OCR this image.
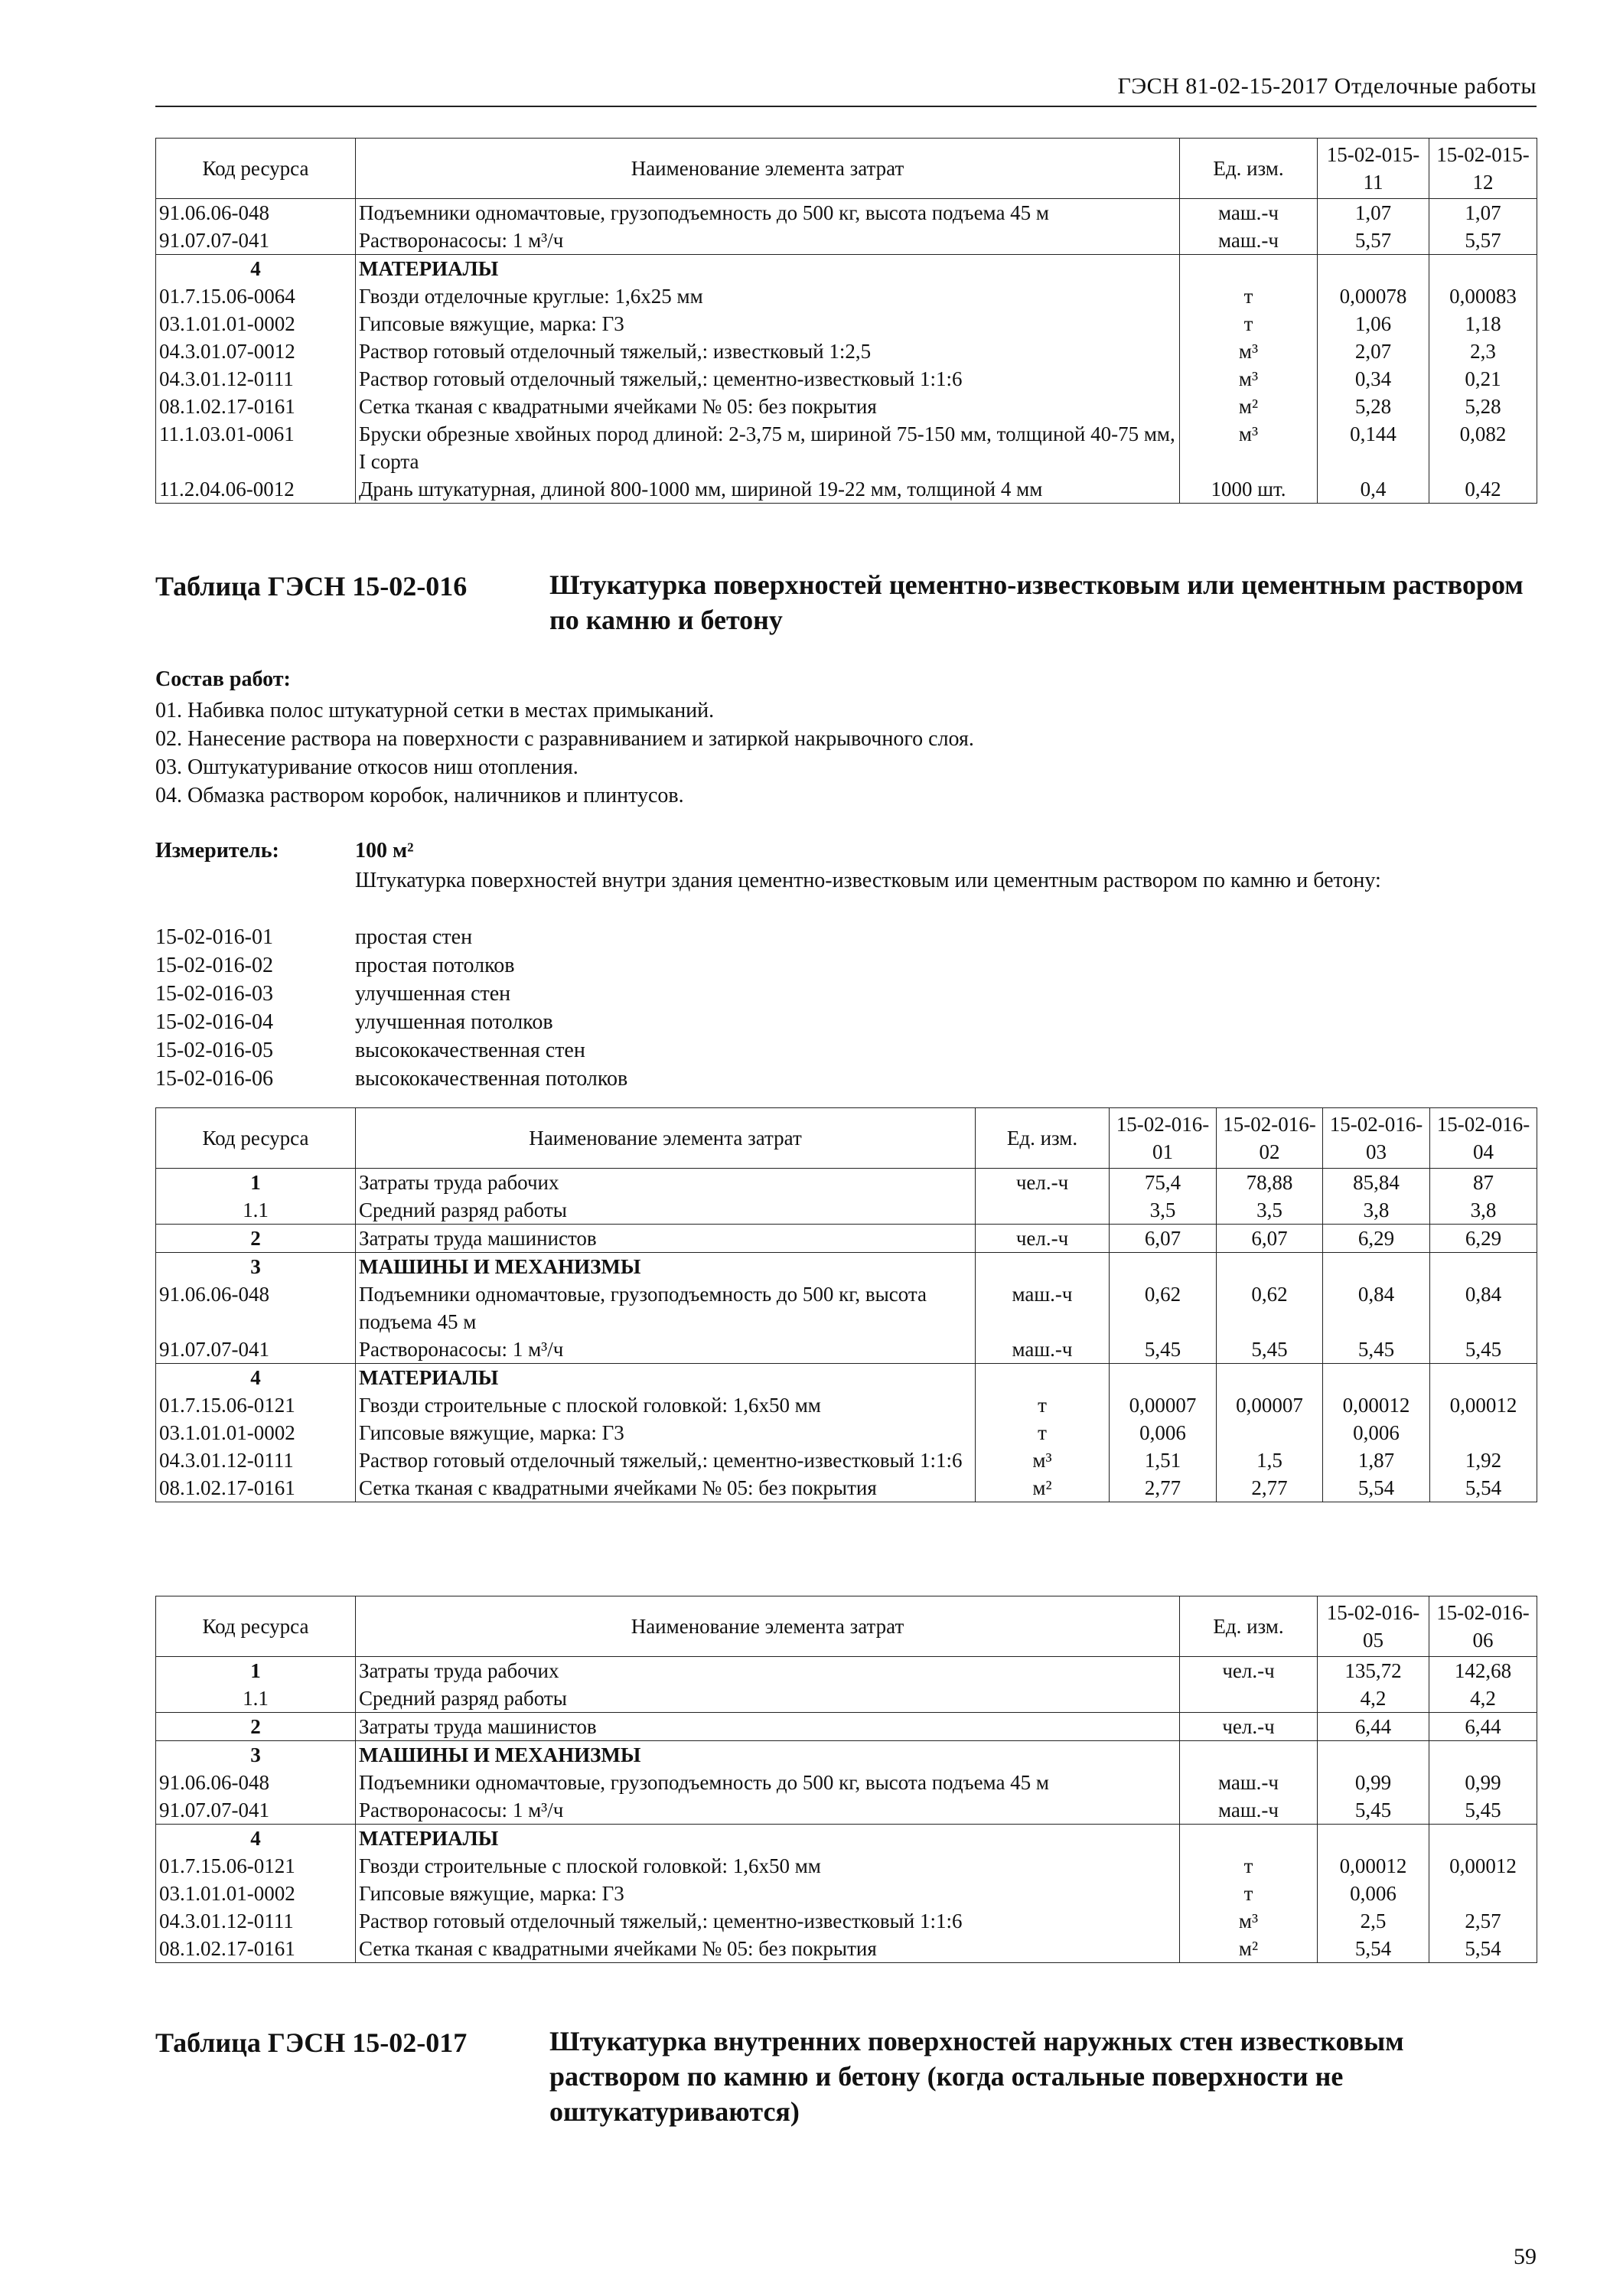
ГЭСН 81-02-15-2017 Отделочные работы
Код ресурса	Наименование элемента затрат	Ед. изм.	15-02-015-11	15-02-015-12
91.06.06-048	Подъемники одномачтовые, грузоподъемность до 500 кг, высота подъема 45 м	маш.-ч	1,07	1,07
91.07.07-041	Растворонасосы: 1 м³/ч	маш.-ч	5,57	5,57
4	МАТЕРИАЛЫ			
01.7.15.06-0064	Гвозди отделочные круглые: 1,6х25 мм	т	0,00078	0,00083
03.1.01.01-0002	Гипсовые вяжущие, марка: Г3	т	1,06	1,18
04.3.01.07-0012	Раствор готовый отделочный тяжелый,: известковый 1:2,5	м³	2,07	2,3
04.3.01.12-0111	Раствор готовый отделочный тяжелый,: цементно-известковый 1:1:6	м³	0,34	0,21
08.1.02.17-0161	Сетка тканая с квадратными ячейками № 05: без покрытия	м²	5,28	5,28
11.1.03.01-0061	Бруски обрезные хвойных пород длиной: 2-3,75 м, шириной 75-150 мм, толщиной 40-75 мм, I сорта	м³	0,144	0,082
11.2.04.06-0012	Дрань штукатурная, длиной 800-1000 мм, шириной 19-22 мм, толщиной 4 мм	1000 шт.	0,4	0,42
Таблица ГЭСН 15-02-016	Штукатурка поверхностей цементно-известковым или цементным раствором по камню и бетону
Состав работ:
01. Набивка полос штукатурной сетки в местах примыканий.
02. Нанесение раствора на поверхности с разравниванием и затиркой накрывочного слоя.
03. Оштукатуривание откосов ниш отопления.
04. Обмазка раствором коробок, наличников и плинтусов.
Измеритель:	100 м²
Штукатурка поверхностей внутри здания цементно-известковым или цементным раствором по камню и бетону:
15-02-016-01	простая стен
15-02-016-02	простая потолков
15-02-016-03	улучшенная стен
15-02-016-04	улучшенная потолков
15-02-016-05	высококачественная стен
15-02-016-06	высококачественная потолков
Код ресурса	Наименование элемента затрат	Ед. изм.	15-02-016-01	15-02-016-02	15-02-016-03	15-02-016-04
1	Затраты труда рабочих	чел.-ч	75,4	78,88	85,84	87
1.1	Средний разряд работы		3,5	3,5	3,8	3,8
2	Затраты труда машинистов	чел.-ч	6,07	6,07	6,29	6,29
3	МАШИНЫ И МЕХАНИЗМЫ					
91.06.06-048	Подъемники одномачтовые, грузоподъемность до 500 кг, высота подъема 45 м	маш.-ч	0,62	0,62	0,84	0,84
91.07.07-041	Растворонасосы: 1 м³/ч	маш.-ч	5,45	5,45	5,45	5,45
4	МАТЕРИАЛЫ					
01.7.15.06-0121	Гвозди строительные с плоской головкой: 1,6х50 мм	т	0,00007	0,00007	0,00012	0,00012
03.1.01.01-0002	Гипсовые вяжущие, марка: Г3	т	0,006		0,006	
04.3.01.12-0111	Раствор готовый отделочный тяжелый,: цементно-известковый 1:1:6	м³	1,51	1,5	1,87	1,92
08.1.02.17-0161	Сетка тканая с квадратными ячейками № 05: без покрытия	м²	2,77	2,77	5,54	5,54
Код ресурса	Наименование элемента затрат	Ед. изм.	15-02-016-05	15-02-016-06
1	Затраты труда рабочих	чел.-ч	135,72	142,68
1.1	Средний разряд работы		4,2	4,2
2	Затраты труда машинистов	чел.-ч	6,44	6,44
3	МАШИНЫ И МЕХАНИЗМЫ			
91.06.06-048	Подъемники одномачтовые, грузоподъемность до 500 кг, высота подъема 45 м	маш.-ч	0,99	0,99
91.07.07-041	Растворонасосы: 1 м³/ч	маш.-ч	5,45	5,45
4	МАТЕРИАЛЫ			
01.7.15.06-0121	Гвозди строительные с плоской головкой: 1,6х50 мм	т	0,00012	0,00012
03.1.01.01-0002	Гипсовые вяжущие, марка: Г3	т	0,006	
04.3.01.12-0111	Раствор готовый отделочный тяжелый,: цементно-известковый 1:1:6	м³	2,5	2,57
08.1.02.17-0161	Сетка тканая с квадратными ячейками № 05: без покрытия	м²	5,54	5,54
Таблица ГЭСН 15-02-017	Штукатурка внутренних поверхностей наружных стен известковым раствором по камню и бетону (когда остальные поверхности не оштукатуриваются)
59
